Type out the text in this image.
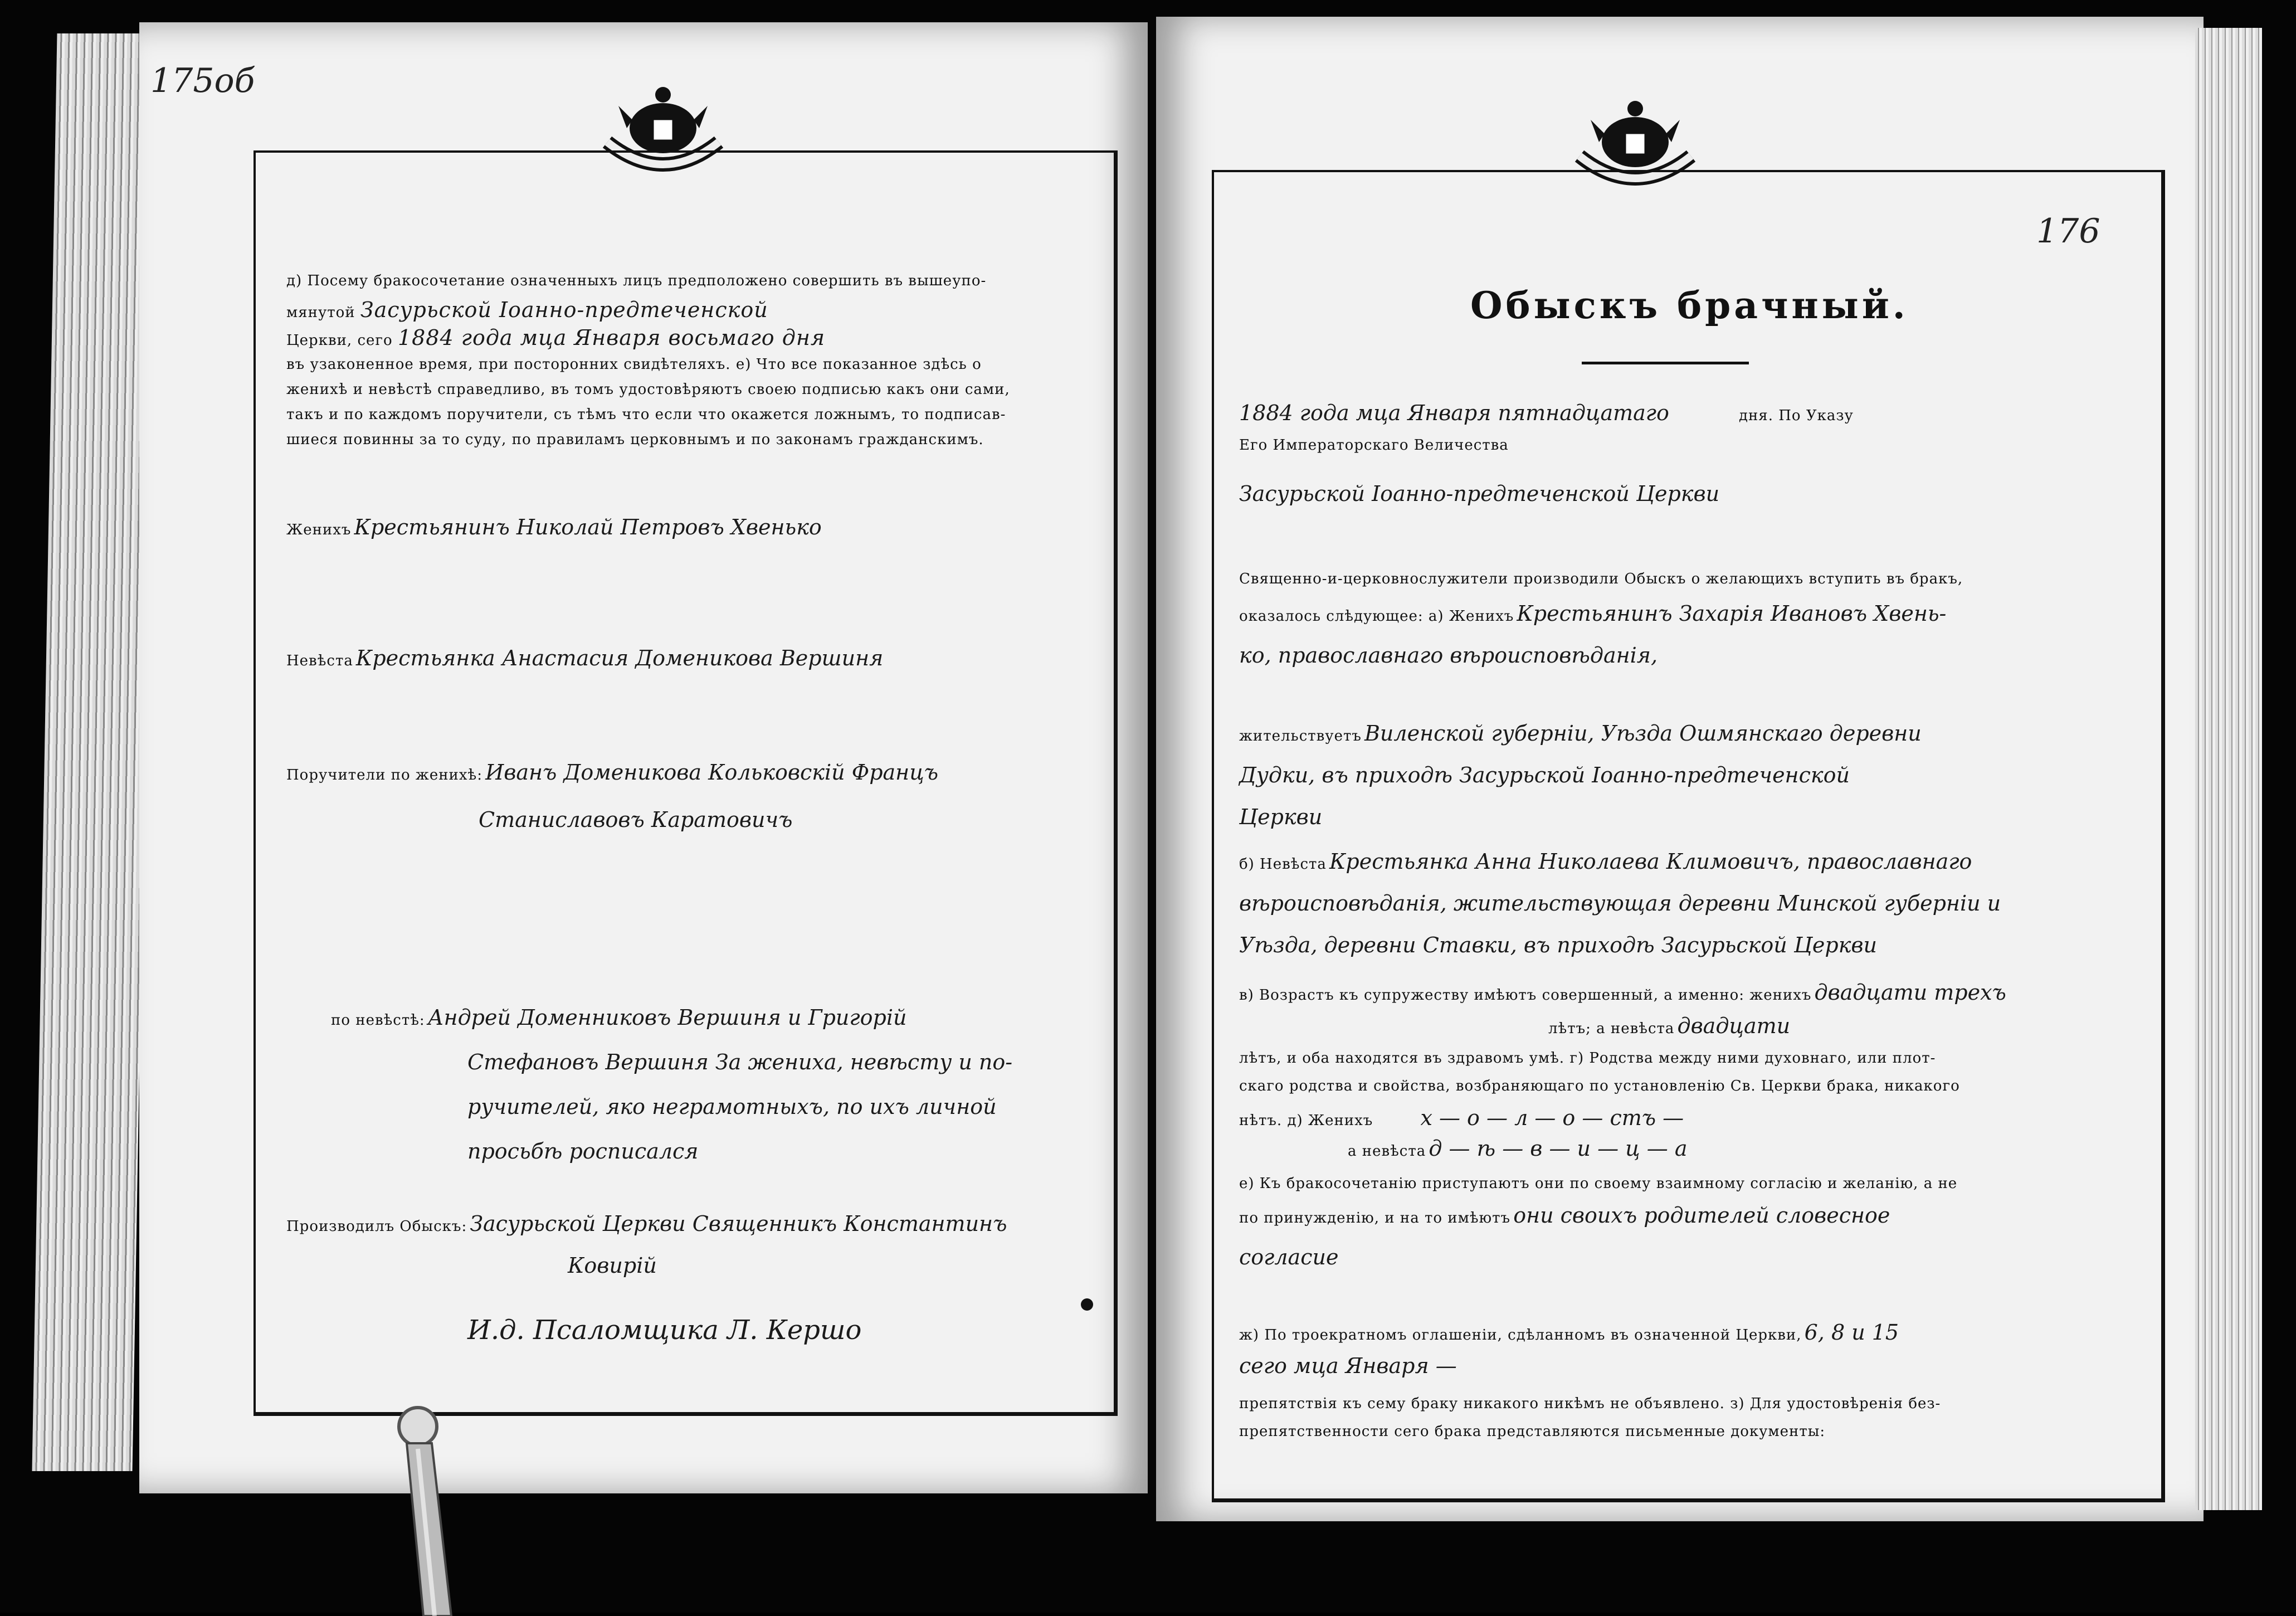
175об
д) Посему бракосочетание означенныхъ лицъ предположено совершить въ вышеупо-
мянутой Засурьской Іоанно-предтеченской
Церкви, сего 1884 года мца Января восьмаго дня
въ узаконенное время, при посторонних свидѣтеляхъ. е) Что все показанное здѣсь о
женихѣ и невѣстѣ справедливо, въ томъ удостовѣряютъ своею подписью какъ они сами,
такъ и по каждомъ поручители, съ тѣмъ что если что окажется ложнымъ, то подписав-
шиеся повинны за то суду, по правиламъ церковнымъ и по законамъ гражданскимъ.
Женихъ Крестьянинъ Николай Петровъ Хвенько
Невѣста Крестьянка Анастасия Доменикова Вершиня
Поручители по женихѣ: Иванъ Доменикова Кольковскій Францъ
Станиславовъ Каратовичъ
по невѣстѣ: Андрей Доменниковъ Вершиня и Григорій
Стефановъ Вершиня За жениха, невѣсту и по-
ручителей, яко неграмотныхъ, по ихъ личной
просьбѣ росписался
Производилъ Обыскъ: Засурьской Церкви Священникъ Константинъ
Ковирій
И.д. Псаломщика Л. Кершо
176
Обыскъ брачный.
1884 года мца Января пятнадцатаго	дня. По Указу
Его Императорскаго Величества
Засурьской Іоанно-предтеченской Церкви
Священно-и-церковнослужители производили Обыскъ о желающихъ вступить въ бракъ,
оказалось слѣдующее: а) Женихъ Крестьянинъ Захарія Ивановъ Хвень-
ко, православнаго вѣроисповѣданія,
жительствуетъ Виленской губерніи, Уѣзда Ошмянскаго деревни
Дудки, въ приходѣ Засурьской Іоанно-предтеченской
Церкви
б) Невѣста Крестьянка Анна Николаева Климовичъ, православнаго
вѣроисповѣданія, жительствующая деревни Минской губерніи и
Уѣзда, деревни Ставки, въ приходѣ Засурьской Церкви
в) Возрастъ къ супружеству имѣютъ совершенный, а именно: женихъ двадцати трехъ
лѣтъ; а невѣста двадцати
лѣтъ, и оба находятся въ здравомъ умѣ. г) Родства между ними духовнаго, или плот-
скаго родства и свойства, возбраняющаго по установленію Св. Церкви брака, никакого
нѣтъ. д) Женихъ х — о — л — о — стъ —
а невѣста д — ѣ — в — и — ц — а
е) Къ бракосочетанію приступаютъ они по своему взаимному согласію и желанію, а не
по принужденію, и на то имѣютъ они своихъ родителей словесное
согласие
ж) По троекратномъ оглашеніи, сдѣланномъ въ означенной Церкви, 6, 8 и 15
сего мца Января —
препятствія къ сему браку никакого никѣмъ не объявлено. з) Для удостовѣренія без-
препятственности сего брака представляются письменные документы:
